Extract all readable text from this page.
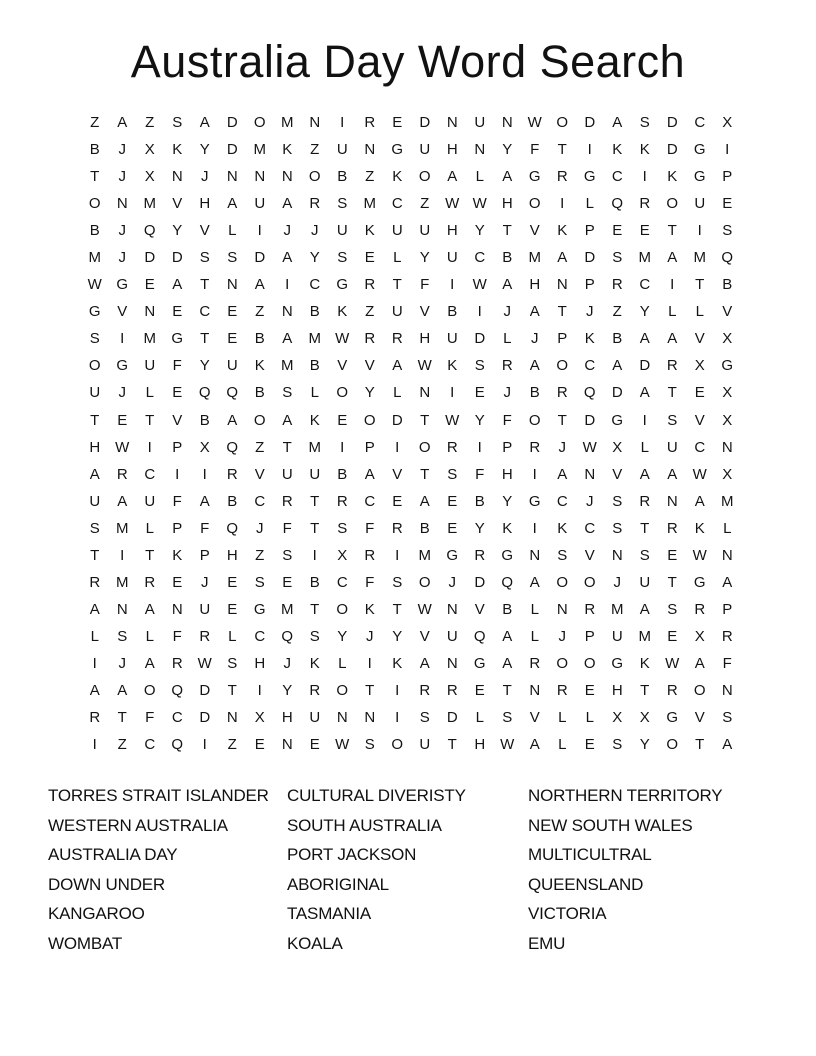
Australia Day Word Search
Z	A	Z	S	A	D	O	M	N	I	R	E	D	N	U	N W O	D	A	S	D	C	X
B	J	X	K	Y	D	M	K	Z	U	N	G	U	H	N	Y	F	T	I	K	K	D	G	I
T	J	X	N	J	N	N	N	O	B	Z	K	O	A	L	A	G	R	G	C	I	K	G	P
O	N	M	V	H	A	U	A	R	S	M	C	Z	W W	H	O	I	L	Q	R	O	U	E
B	J	Q	Y	V	L	I	J	J	U	K	U	U	H	Y	T	V	K	P	E	E	T	I	S
M	J	D	D	S	S	D	A	Y	S	E	L	Y	U	C	B	M	A	D	S	M	A	M	Q
W G	E	A	T	N	A	I	C	G	R	T	F	I	W	A	H	N	P	R	C	I	T	B
G	V	N	E	C	E	Z	N	B	K	Z	U	V	B	I	J	A	T	J	Z	Y	L	L	V
S	I	M	G	T	E	B	A	M W	R	R	H	U	D	L	J	P	K	B	A	A	V	X
O	G	U	F	Y	U	K	M	B	V	V	A	W	K	S	R	A	O	C	A	D	R	X	G
U	J	L	E	Q	Q	B	S	L	O	Y	L	N	I	E	J	B	R	Q	D	A	T	E	X
T	E	T	V	B	A	O	A	K	E	O	D	T	W	Y	F	O	T	D	G	I	S	V	X
H W	I	P	X	Q	Z	T	M	I	P	I	O	R	I	P	R	J	W	X	L	U	C	N
A	R	C	I	I	R	V	U	U	B	A	V	T	S	F	H	I	A	N	V	A	A	W	X
U	A	U	F	A	B	C	R	T	R	C	E	A	E	B	Y	G	C	J	S	R	N	A	M
S	M	L	P	F	Q	J	F	T	S	F	R	B	E	Y	K	I	K	C	S	T	R	K	L
T	I	T	K	P	H	Z	S	I	X	R	I	M	G	R	G	N	S	V	N	S	E	W	N
R	M	R	E	J	E	S	E	B	C	F	S	O	J	D	Q	A	O	O	J	U	T	G	A
A	N	A	N	U	E	G	M	T	O	K	T	W	N	V	B	L	N	R	M	A	S	R	P
L	S	L	F	R	L	C	Q	S	Y	J	Y	V	U	Q	A	L	J	P	U	M	E	X	R
I	J	A	R W	S	H	J	K	L	I	K	A	N	G	A	R	O	O	G	K	W	A	F
A	A	O	Q	D	T	I	Y	R	O	T	I	R	R	E	T	N	R	E	H	T	R	O	N
R	T	F	C	D	N	X	H	U	N	N	I	S	D	L	S	V	L	L	X	X	G	V	S
I	Z	C	Q	I	Z	E	N	E	W	S	O	U	T	H W	A	L	E	S	Y	O	T	A
TORRES STRAIT ISLANDER
WESTERN AUSTRALIA
AUSTRALIA DAY
DOWN UNDER
KANGAROO
WOMBAT
CULTURAL DIVERISTY
SOUTH AUSTRALIA
PORT JACKSON
ABORIGINAL
TASMANIA
KOALA
NORTHERN TERRITORY
NEW SOUTH WALES
MULTICULTRAL
QUEENSLAND
VICTORIA
EMU
